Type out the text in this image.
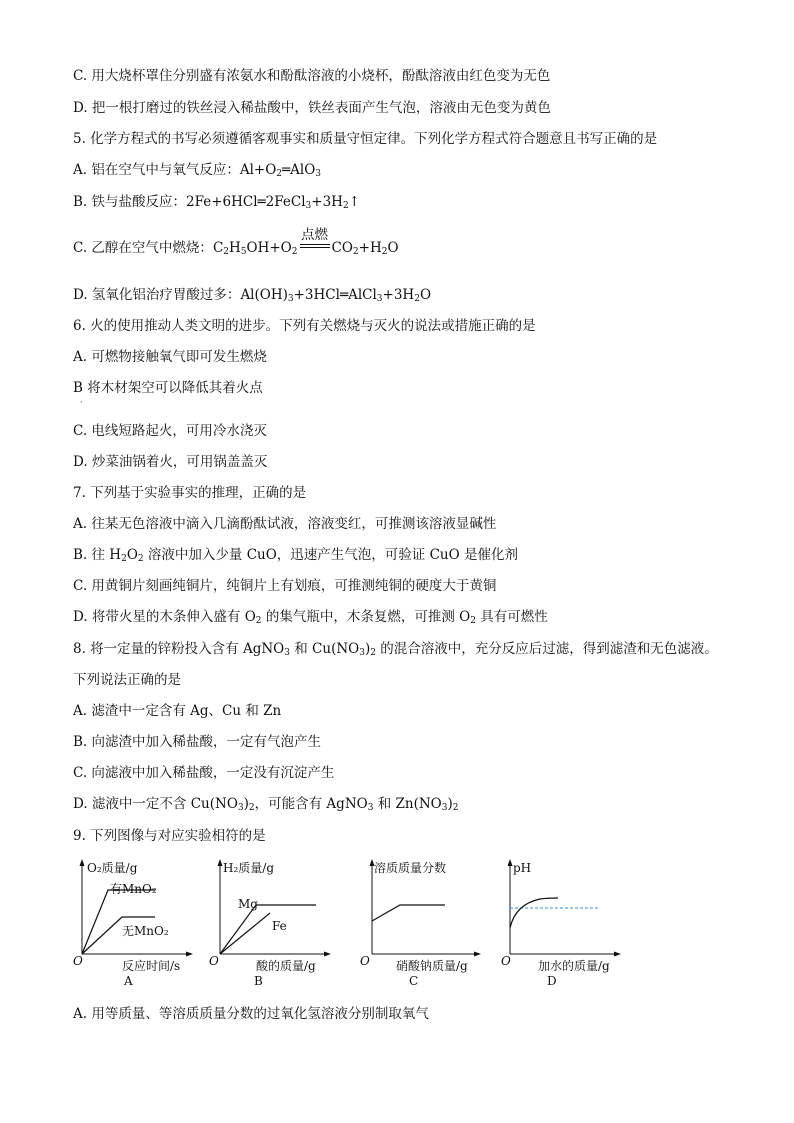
C. 用大烧杯罩住分别盛有浓氨水和酚酞溶液的小烧杯，酚酞溶液由红色变为无色
D. 把一根打磨过的铁丝浸入稀盐酸中，铁丝表面产生气泡，溶液由无色变为黄色
5. 化学方程式的书写必须遵循客观事实和质量守恒定律。下列化学方程式符合题意且书写正确的是
A. 铝在空气中与氧气反应：$Al+O_2═AlO_3$
B. 铁与盐酸反应：$2Fe+6HCl═2FeCl_3+3H_2↑$
C. 乙醇在空气中燃烧：$C_2H_5OH+O_2$
点燃
$CO_2+H_2O$
D. 氢氧化铝治疗胃酸过多：$Al(OH)_3+3HCl═AlCl_3+3H_2O$
6. 火的使用推动人类文明的进步。下列有关燃烧与灭火的说法或措施正确的是
A. 可燃物接触氧气即可发生燃烧
B 将木材架空可以降低其着火点
·
C. 电线短路起火，可用冷水浇灭
D. 炒菜油锅着火，可用锅盖盖灭
7. 下列基于实验事实的推理，正确的是
A. 往某无色溶液中滴入几滴酚酞试液，溶液变红，可推测该溶液显碱性
B. 往 $H_2O_2$ 溶液中加入少量 CuO，迅速产生气泡，可验证 CuO 是催化剂
C. 用黄铜片刻画纯铜片，纯铜片上有划痕，可推测纯铜的硬度大于黄铜
D. 将带火星的木条伸入盛有 $O_2$ 的集气瓶中，木条复燃，可推测 $O_2$ 具有可燃性
8. 将一定量的锌粉投入含有 AgNO$_3$ 和 $Cu(NO_3)_2$ 的混合溶液中，充分反应后过滤，得到滤渣和无色滤液。
下列说法正确的是
A. 滤渣中一定含有 Ag、Cu 和 Zn
B. 向滤渣中加入稀盐酸，一定有气泡产生
C. 向滤液中加入稀盐酸，一定没有沉淀产生
D. 滤液中一定不含 $Cu(NO_3)_2$，可能含有 AgNO$_3$ 和 $Zn(NO_3)_2$
9. 下列图像与对应实验相符的是
O₂质量/g
有MnO₂
无MnO₂
O	反应时间/s
A
H₂质量/g
Mg
Fe
O	酸的质量/g
B
溶质质量分数
O 硝酸钠质量/g
C
pH
O 加水的质量/g
D
A. 用等质量、等溶质质量分数的过氧化氢溶液分别制取氧气
